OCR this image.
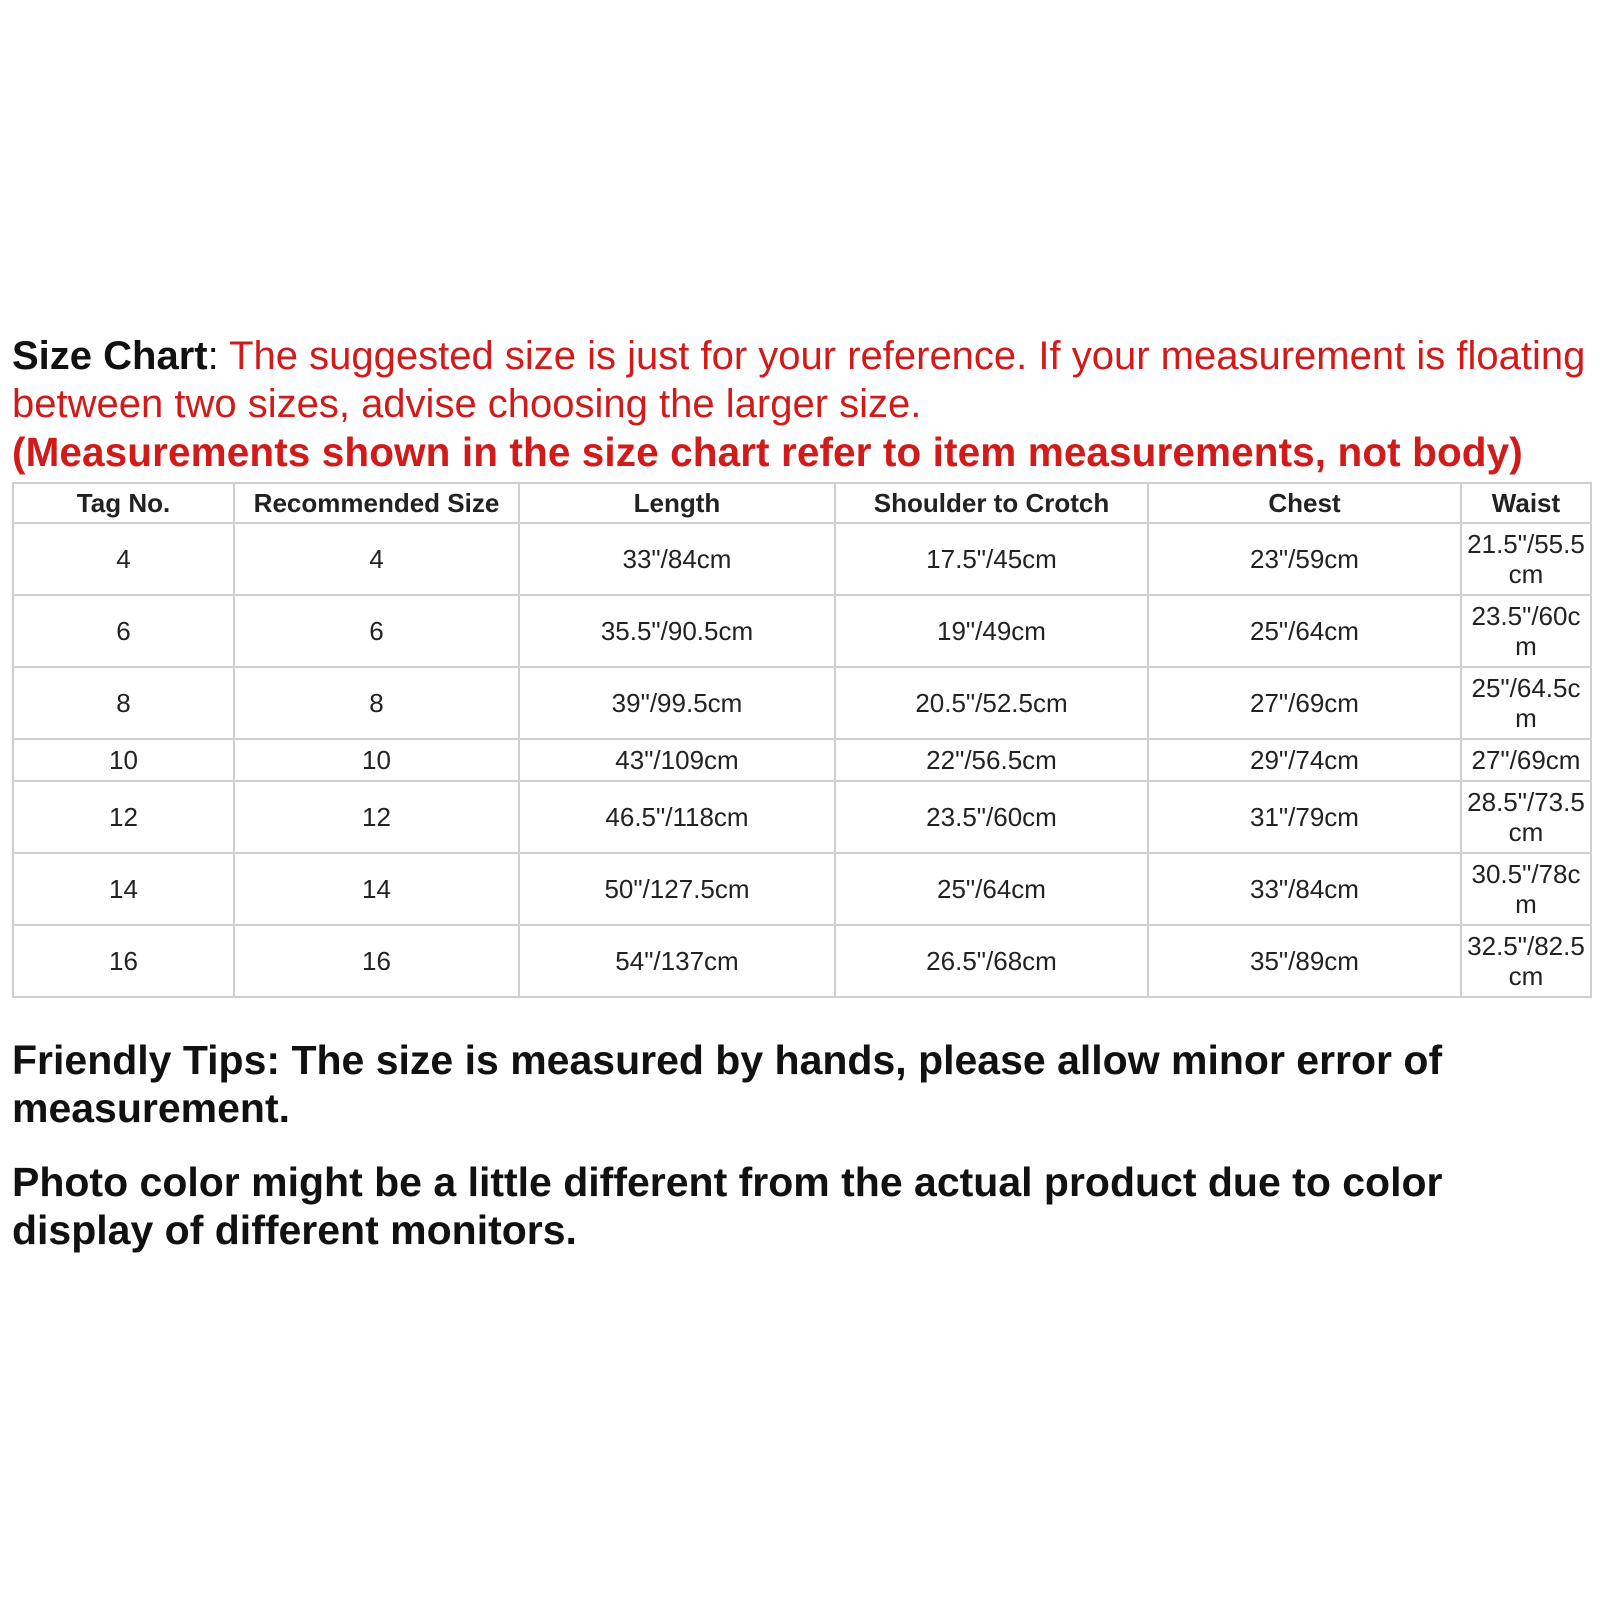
Size Chart: The suggested size is just for your reference. If your measurement is floating between two sizes, advise choosing the larger size.
(Measurements shown in the size chart refer to item measurements, not body)
Tag No.	Recommended Size	Length	Shoulder to Crotch	Chest	Waist
4	4	33"/84cm	17.5"/45cm	23"/59cm	21.5"/55.5cm
6	6	35.5"/90.5cm	19"/49cm	25"/64cm	23.5"/60cm
8	8	39"/99.5cm	20.5"/52.5cm	27"/69cm	25"/64.5cm
10	10	43"/109cm	22"/56.5cm	29"/74cm	27"/69cm
12	12	46.5"/118cm	23.5"/60cm	31"/79cm	28.5"/73.5cm
14	14	50"/127.5cm	25"/64cm	33"/84cm	30.5"/78cm
16	16	54"/137cm	26.5"/68cm	35"/89cm	32.5"/82.5cm

Friendly Tips: The size is measured by hands, please allow minor error of measurement.

Photo color might be a little different from the actual product due to color display of different monitors.
